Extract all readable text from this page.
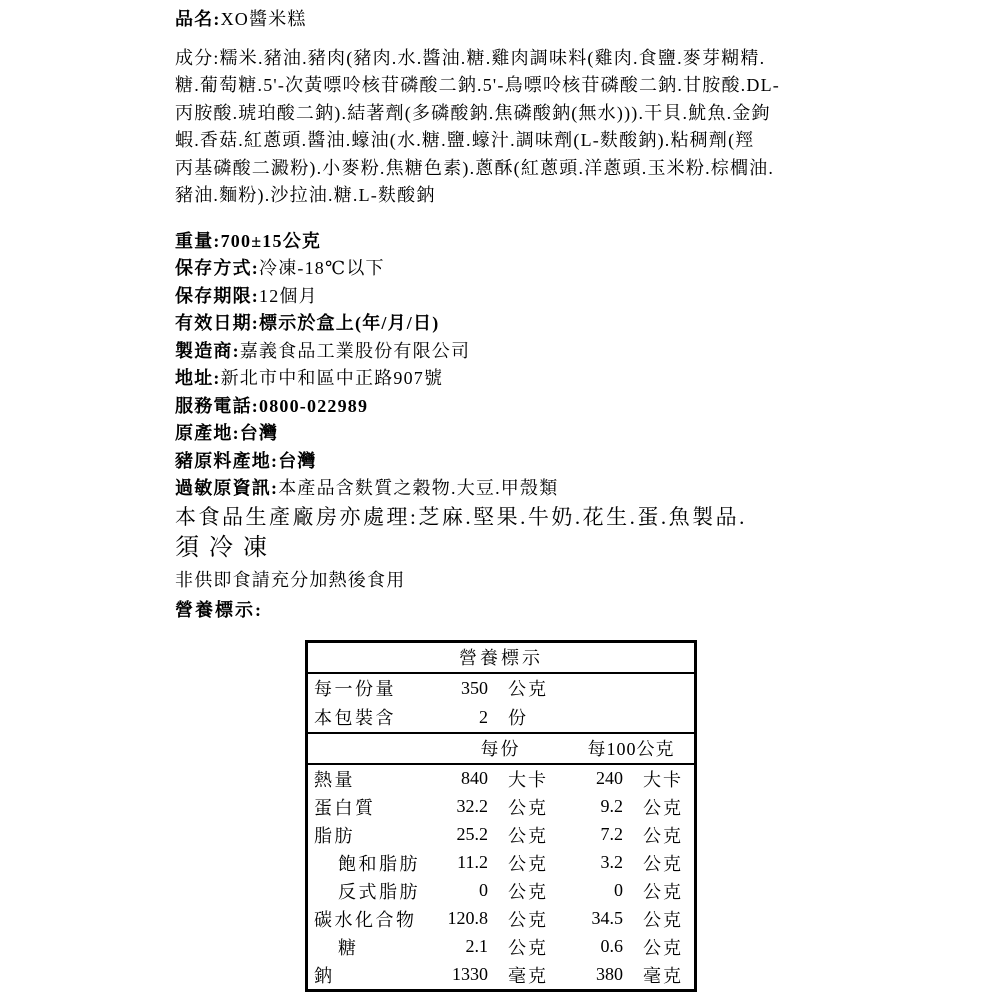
品名:XO醬米糕
成分:糯米.豬油.豬肉(豬肉.水.醬油.糖.雞肉調味料(雞肉.食鹽.麥芽糊精.
糖.葡萄糖.5'-次黃嘌呤核苷磷酸二鈉.5'-鳥嘌呤核苷磷酸二鈉.甘胺酸.DL-
丙胺酸.琥珀酸二鈉).結著劑(多磷酸鈉.焦磷酸鈉(無水))).干貝.魷魚.金鉤
蝦.香菇.紅蔥頭.醬油.蠔油(水.糖.鹽.蠔汁.調味劑(L-麩酸鈉).粘稠劑(羥
丙基磷酸二澱粉).小麥粉.焦糖色素).蔥酥(紅蔥頭.洋蔥頭.玉米粉.棕櫚油.
豬油.麵粉).沙拉油.糖.L-麩酸鈉
重量:700±15公克
保存方式:冷凍-18℃以下
保存期限:12個月
有效日期:標示於盒上(年/月/日)
製造商:嘉義食品工業股份有限公司
地址:新北市中和區中正路907號
服務電話:0800-022989
原產地:台灣
豬原料產地:台灣
過敏原資訊:本產品含麩質之穀物.大豆.甲殼類
本食品生產廠房亦處理:芝麻.堅果.牛奶.花生.蛋.魚製品.
須冷凍
非供即食請充分加熱後食用
營養標示:
營養標示
每一份量	350	公克
本包裝含	2	份
每份	每100公克
熱量	840	大卡	240	大卡
蛋白質	32.2	公克	9.2	公克
脂肪	25.2	公克	7.2	公克
飽和脂肪	11.2	公克	3.2	公克
反式脂肪	0	公克	0	公克
碳水化合物	120.8	公克	34.5	公克
糖	2.1	公克	0.6	公克
鈉	1330	毫克	380	毫克
